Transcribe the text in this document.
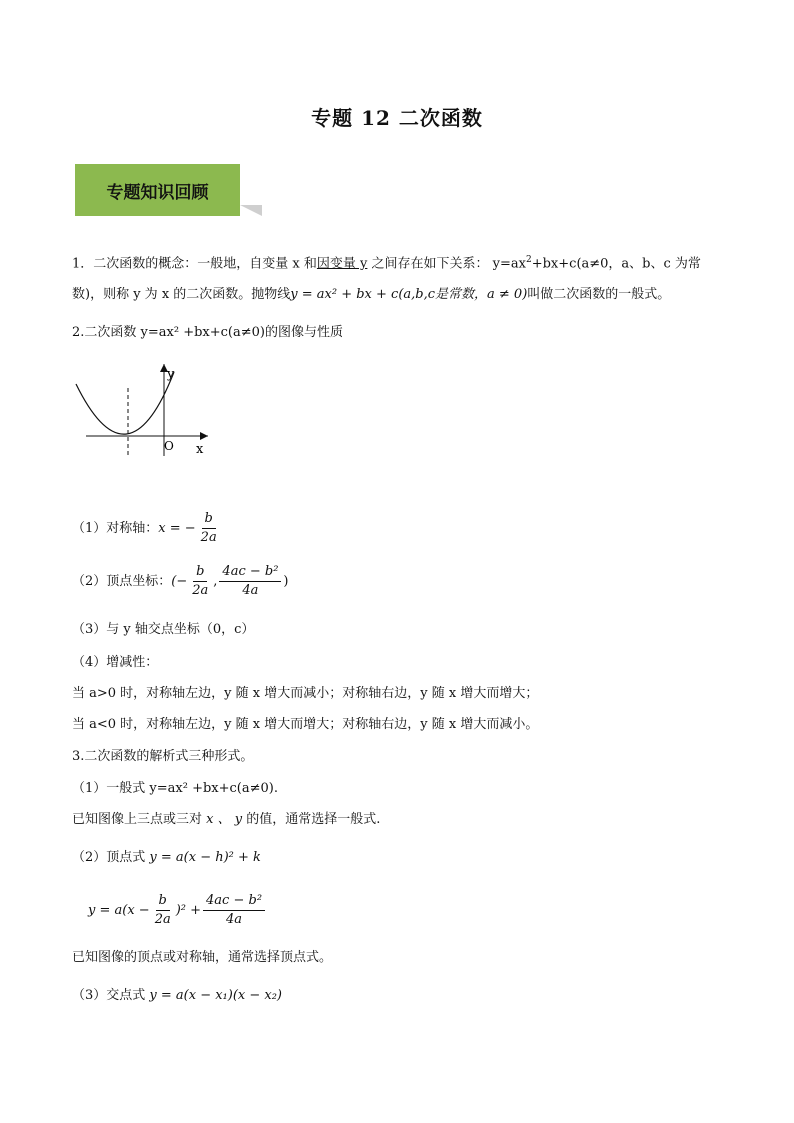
专题 12 二次函数
专题知识回顾
1．二次函数的概念：一般地，自变量 x 和因变量 y 之间存在如下关系： $y=ax^2+bx+c(a\ne 0$，a、b、c 为常
数)，则称 y 为 x 的二次函数。抛物线y = ax² + bx + c(a,b,c是常数，a ≠ 0)叫做二次函数的一般式。
2.二次函数 y=ax² +bx+c(a≠0)的图像与性质
y
x
O
（1）对称轴：x = − $\frac{b}{2a}$
（2）顶点坐标：(− $\frac{b}{2a}$ , $\frac{\text{4ac − b²}}{4a}$ )
（3）与 y 轴交点坐标（0，c）
（4）增减性：
当 a>0 时，对称轴左边，y 随 x 增大而减小；对称轴右边，y 随 x 增大而增大；
当 a<0 时，对称轴左边，y 随 x 增大而增大；对称轴右边，y 随 x 增大而减小。
3.二次函数的解析式三种形式。
（1）一般式 y=ax² +bx+c(a≠0).
已知图像上三点或三对 x 、 y 的值，通常选择一般式.
（2）顶点式 y = a(x − h)² + k
$y = a(x - \frac{b}{2a} )^2 + \frac{\text{4ac − b²}}{4a}$
已知图像的顶点或对称轴，通常选择顶点式。
（3）交点式 y = a(x − x₁)(x − x₂)
